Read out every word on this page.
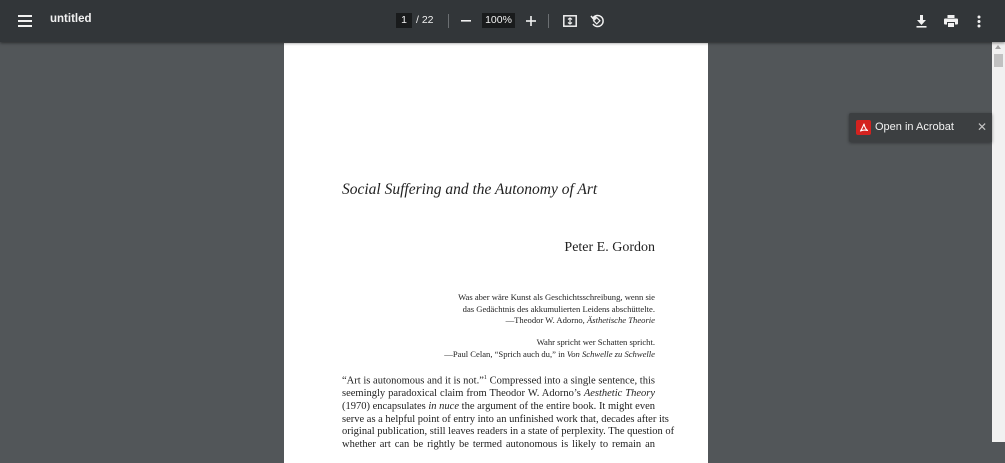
untitled	1 / 22	100%
Social Suffering and the Autonomy of Art
Peter E. Gordon
Was aber wäre Kunst als Geschichtsschreibung, wenn sie
das Gedächtnis des akkumulierten Leidens abschüttelte.
—Theodor W. Adorno, Ästhetische Theorie
Wahr spricht wer Schatten spricht.
—Paul Celan, “Sprich auch du,” in Von Schwelle zu Schwelle
“Art is autonomous and it is not.”$^1$ Compressed into a single sentence, this
seemingly paradoxical claim from Theodor W. Adorno’s Aesthetic Theory
(1970) encapsulates in nuce the argument of the entire book. It might even
serve as a helpful point of entry into an unfinished work that, decades after its
original publication, still leaves readers in a state of perplexity. The question of
whether art can be rightly be termed autonomous is likely to remain an
Open in Acrobat ✕
